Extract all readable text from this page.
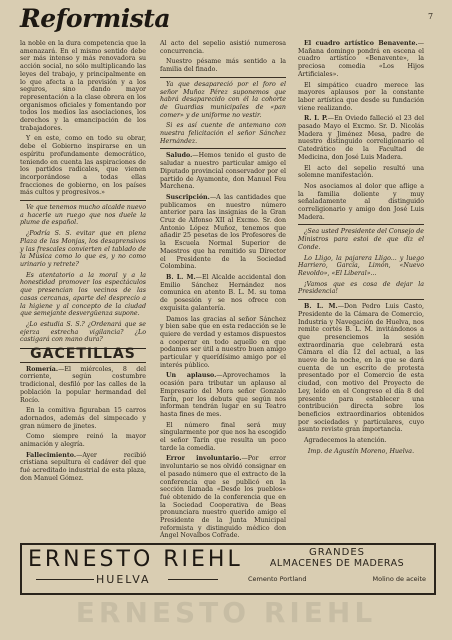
Reformista	7

la noble en la dura competencia que la amenazará. En el mismo sentido debe ser más intenso y más renovadora su acción social, no sólo multiplicando las leyes del trabajo, y principalmente en lo que afecta a la previsión y a los seguros, sino dando mayor representación a la clase obrera en los organismos oficiales y fomentando por todos los medios las asociaciones, los derechos y la emancipación de los trabajadores.

Y en este, como en todo su obrar, debe el Gobierno inspirarse en un espíritu profundamente democrático, teniendo en cuenta las aspiraciones de los partidos radicales, que vienen incorporándose a todas ellas fracciones de gobierno, en los países más cultos y progresivos.»

Ve que tenemos mucho alcalde nuevo a hacerle un ruego que nos duele la plume de español.

¿Podría S. S. evitar que en plena Plaza de las Monjas, los desaprensivos y las frescales convierten el tablado de la Música como lo que es, y no como urinario y retrete?

Es atentatorio a la moral y a la honestidad promover los espectáculos que presencian los vecinos de las casas cercanas, aparte del desprecio a la higiene y al concepto de la ciudad que semejante desvergüenza supone.

¿Lo estudia S. S.? ¿Ordenará que se ejerza estrecha vigilancia? ¿Lo castigará con mano dura?

GACETILLAS

Romería.—El miércoles, 8 del corriente, según costumbre tradicional, desfiló por las calles de la población la popular hermandad del Rocío.

En la comitiva figuraban 15 carros adornados, además del simpecado y gran número de jinetes.

Como siempre reinó la mayor animación y alegría.

Fallecimiento.—Ayer recibió cristiana sepultura el cadáver del que fué acreditado industrial de esta plaza, don Manuel Gómez.

Al acto del sepelio asistió numerosa concurrencia.

Nuestro pésame más sentido a la familia del finado.

Ya que desapareció por el foro el señor Muñoz Pérez suponemos que habrá desaparecido con él la cohorte de Guardias municipales de «pan comer» y de uniforme no vestir.

Si es así cuente de antemano con nuestra felicitación el señor Sánchez Hernández.

Saludo.—Hemos tenido el gusto de saludar a nuestro particular amigo el Diputado provincial conservador por el partido de Ayamonte, don Manuel Feu Marchena.

Suscripción.—A las cantidades que publicamos en nuestro número anterior para las insignias de la Gran Cruz de Alfonso XII al Excmo. Sr. don Antonio López Muñoz, tenemos que añadir 25 pesetas de los Profesores de la Escuela Normal Superior de Maestros que ha remitido su Director el Presidente de la Sociedad Colombina.

B. L. M.—El Alcalde accidental don Emilio Sánchez Hernández nos comunica en atento B. L. M. su toma de posesión y se nos ofrece con exquisita galantería.

Damos las gracias al señor Sánchez y bien sabe que en esta redacción se le quiere de verdad y estamos dispuestos a cooperar en todo aquello en que podamos ser útil a nuestro buen amigo particular y querídísimo amigo por el interés público.

Un aplauso.—Aprovechamos la ocasión para tributar un aplauso al Empresario del Mora señor Gonzalo Tarín, por los debuts que según nos informan tendrán lugar en su Teatro hasta fines de mes.

El número final será muy singularmente por que nos ha escogido el señor Tarín que resulta un poco tarde la comedia.

Error involuntario.—Por error involuntario se nos olvidó consignar en el pasado número que el extracto de la conferencia que se publicó en la sección llamada «Desde los pueblos» fué obtenido de la conferencia que en la Sociedad Cooperativa de Beas pronunciara nuestro querido amigo el Presidente de la Junta Municipal reformista y distinguido médico don Ángel Novalbos Cofrade.

El cuadro artístico Benavente.—Mañana domingo pondrá en escena el cuadro artístico «Benavente», la preciosa comedia «Los Hijos Artificiales».

El simpático cuadro merece las mayores aplausos por la constante labor artística que desde su fundación viene realizando.

R. I. P.—En Oviedo falleció el 23 del pasado Mayo el Excmo. Sr. D. Nicolás Madera y Jiménez Mesa, padre de nuestro distinguido correligionario el Catedrático de la Facultad de Medicina, don José Luis Madera.

El acto del sepelio resultó una solemne manifestación.

Nos asociamos al dolor que aflige a la familia doliente y muy señaladamente al distinguido correligionario y amigo don José Luis Madera.

¿Sea usted Presidente del Consejo de Ministros para estoi de que diz el Conde.

Lo Lligo, la pajarera Lligo... y luego Harriero, García, Limón, «Nuevo Revoldo», «El Liberal»...

¡Vamos que es cosa de dejar la Presidencia!

B. L. M.—Don Pedro Luis Casto, Presidente de la Cámara de Comercio, Industria y Navegación de Huelva, nos remite cortés B. L. M. invitándonos a que presenciemos la sesión extraordinaria que celebrará esta Cámara el día 12 del actual, a las nueve de la noche, en la que se dará cuenta de un escrito de protesta presentado por el Comercio de esta ciudad, con motivo del Proyecto de Ley, leído en el Congreso el día 8 del presente para establecer una contribución directa sobre los beneficios extraordinarios obtenidos por sociedades y particulares, cuyo asunto reviste gran importancia.

Agradecemos la atención.

Imp. de Agustín Moreno, Huelva.

ERNESTO RIEHL
HUELVA
GRANDES
ALMACENES DE MADERAS
Cemento Portland	Molino de aceite
ERNESTO RIEHL
